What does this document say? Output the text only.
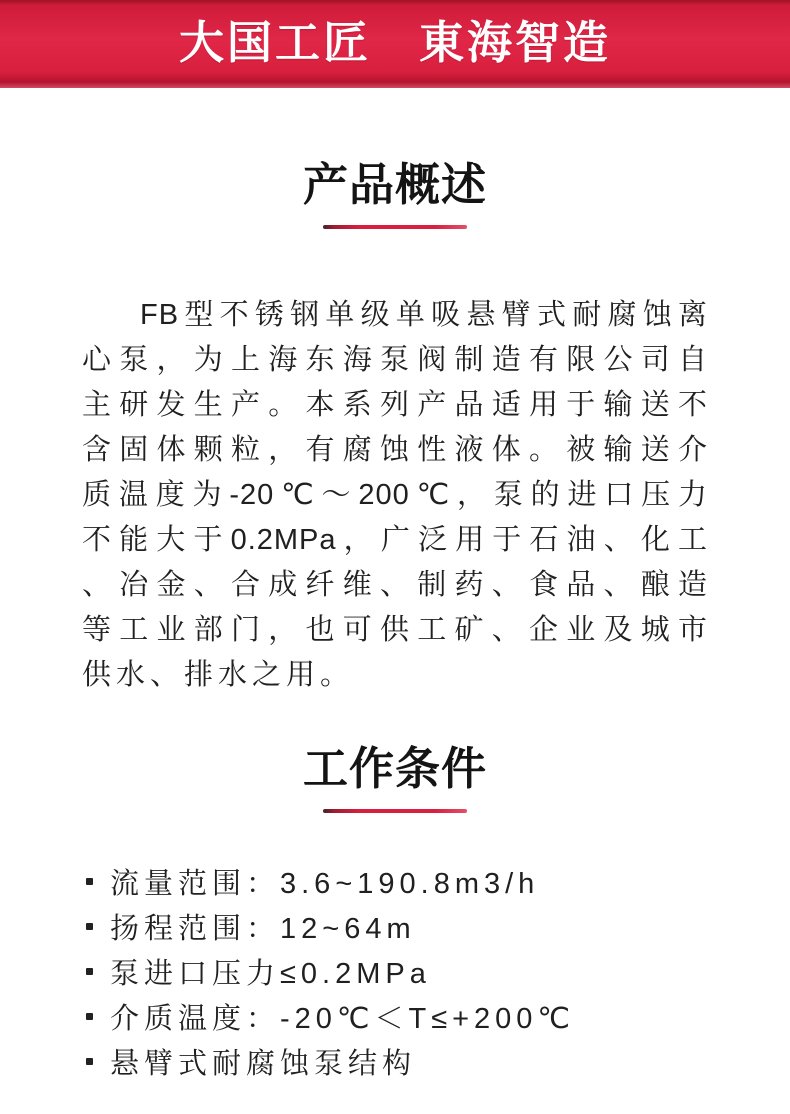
大国工匠　東海智造
产品概述
FB型不锈钢单级单吸悬臂式耐腐蚀离
心泵，为上海东海泵阀制造有限公司自
主研发生产。本系列产品适用于输送不
含固体颗粒，有腐蚀性液体。被输送介
质温度为-20℃～200℃，泵的进口压力
不能大于0.2MPa，广泛用于石油、化工
、冶金、合成纤维、制药、食品、酿造
等工业部门，也可供工矿、企业及城市
供水、排水之用。
工作条件
流量范围：3.6~190.8m3/h
扬程范围：12~64m
泵进口压力≤0.2MPa
介质温度：-20℃＜T≤+200℃
悬臂式耐腐蚀泵结构
